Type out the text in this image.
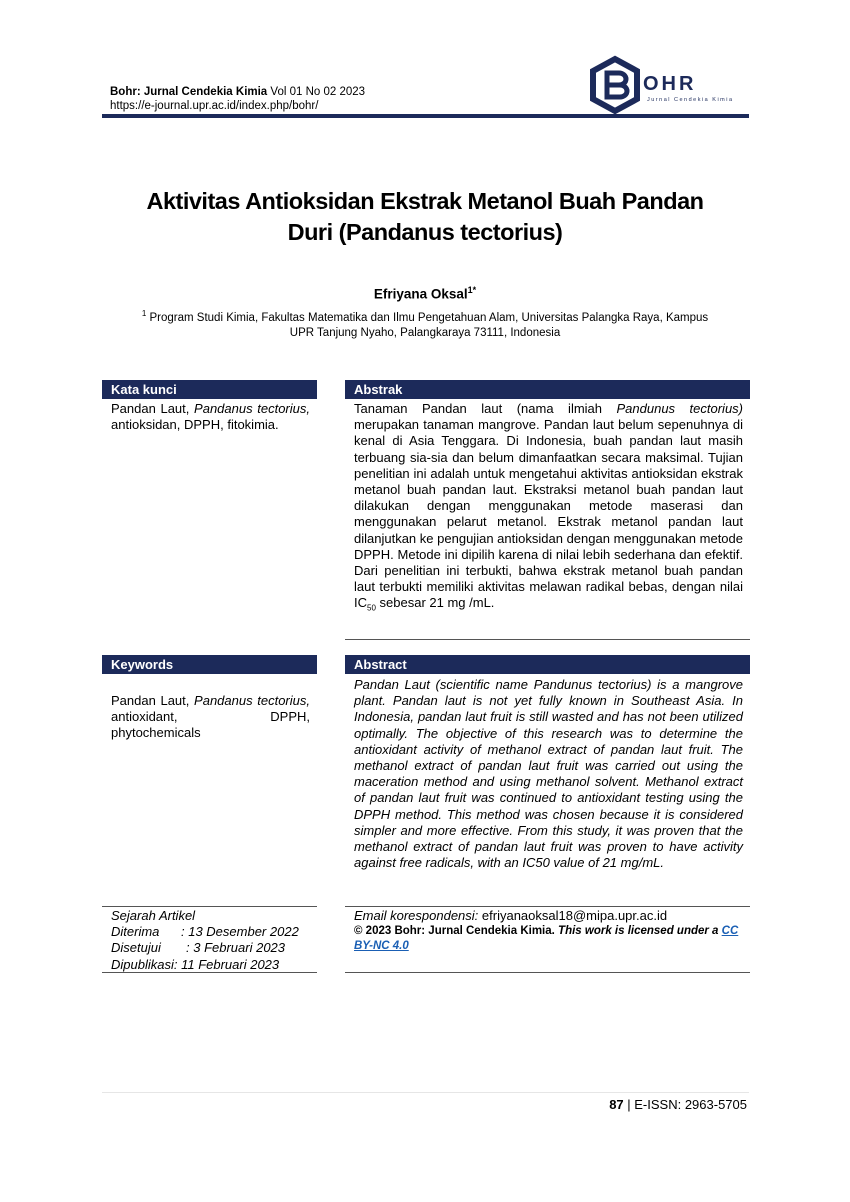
Bohr: Jurnal Cendekia Kimia Vol 01 No 02 2023
https://e-journal.upr.ac.id/index.php/bohr/
OHR
Jurnal Cendekia Kimia
Aktivitas Antioksidan Ekstrak Metanol Buah Pandan
Duri (Pandanus tectorius)
Efriyana Oksal$^{1*}$
$^1$ Program Studi Kimia, Fakultas Matematika dan Ilmu Pengetahuan Alam, Universitas Palangka Raya, Kampus
UPR Tanjung Nyaho, Palangkaraya 73111, Indonesia
Kata kunci	Abstrak
Pandan Laut, Pandanus tectorius, antioksidan, DPPH, fitokimia.
Tanaman Pandan laut (nama ilmiah Pandunus tectorius) merupakan tanaman mangrove. Pandan laut belum sepenuhnya di kenal di Asia Tenggara. Di Indonesia, buah pandan laut masih terbuang sia-sia dan belum dimanfaatkan secara maksimal. Tujian penelitian ini adalah untuk mengetahui aktivitas antioksidan ekstrak metanol buah pandan laut. Ekstraksi metanol buah pandan laut dilakukan dengan menggunakan metode maserasi dan menggunakan pelarut metanol. Ekstrak metanol pandan laut dilanjutkan ke pengujian antioksidan dengan menggunakan metode DPPH. Metode ini dipilih karena di nilai lebih sederhana dan efektif. Dari penelitian ini terbukti, bahwa ekstrak metanol buah pandan laut terbukti memiliki aktivitas melawan radikal bebas, dengan nilai $IC_{50}$ sebesar 21 mg /mL.
Keywords	Abstract
Pandan Laut, Pandanus tectorius, antioxidant, DPPH, phytochemicals
Pandan Laut (scientific name Pandunus tectorius) is a mangrove plant. Pandan laut is not yet fully known in Southeast Asia. In Indonesia, pandan laut fruit is still wasted and has not been utilized optimally. The objective of this research was to determine the antioxidant activity of methanol extract of pandan laut fruit. The methanol extract of pandan laut fruit was carried out using the maceration method and using methanol solvent. Methanol extract of pandan laut fruit was continued to antioxidant testing using the DPPH method. This method was chosen because it is considered simpler and more effective. From this study, it was proven that the methanol extract of pandan laut fruit was proven to have activity against free radicals, with an IC50 value of 21 mg/mL.
Sejarah Artikel
Diterima	: 13 Desember 2022
Disetujui	: 3 Februari 2023
Dipublikasi : 11 Februari 2023
Email korespondensi: efriyanaoksal18@mipa.upr.ac.id
© 2023 Bohr: Jurnal Cendekia Kimia. This work is licensed under a CC BY-NC 4.0
87 | E-ISSN: 2963-5705
